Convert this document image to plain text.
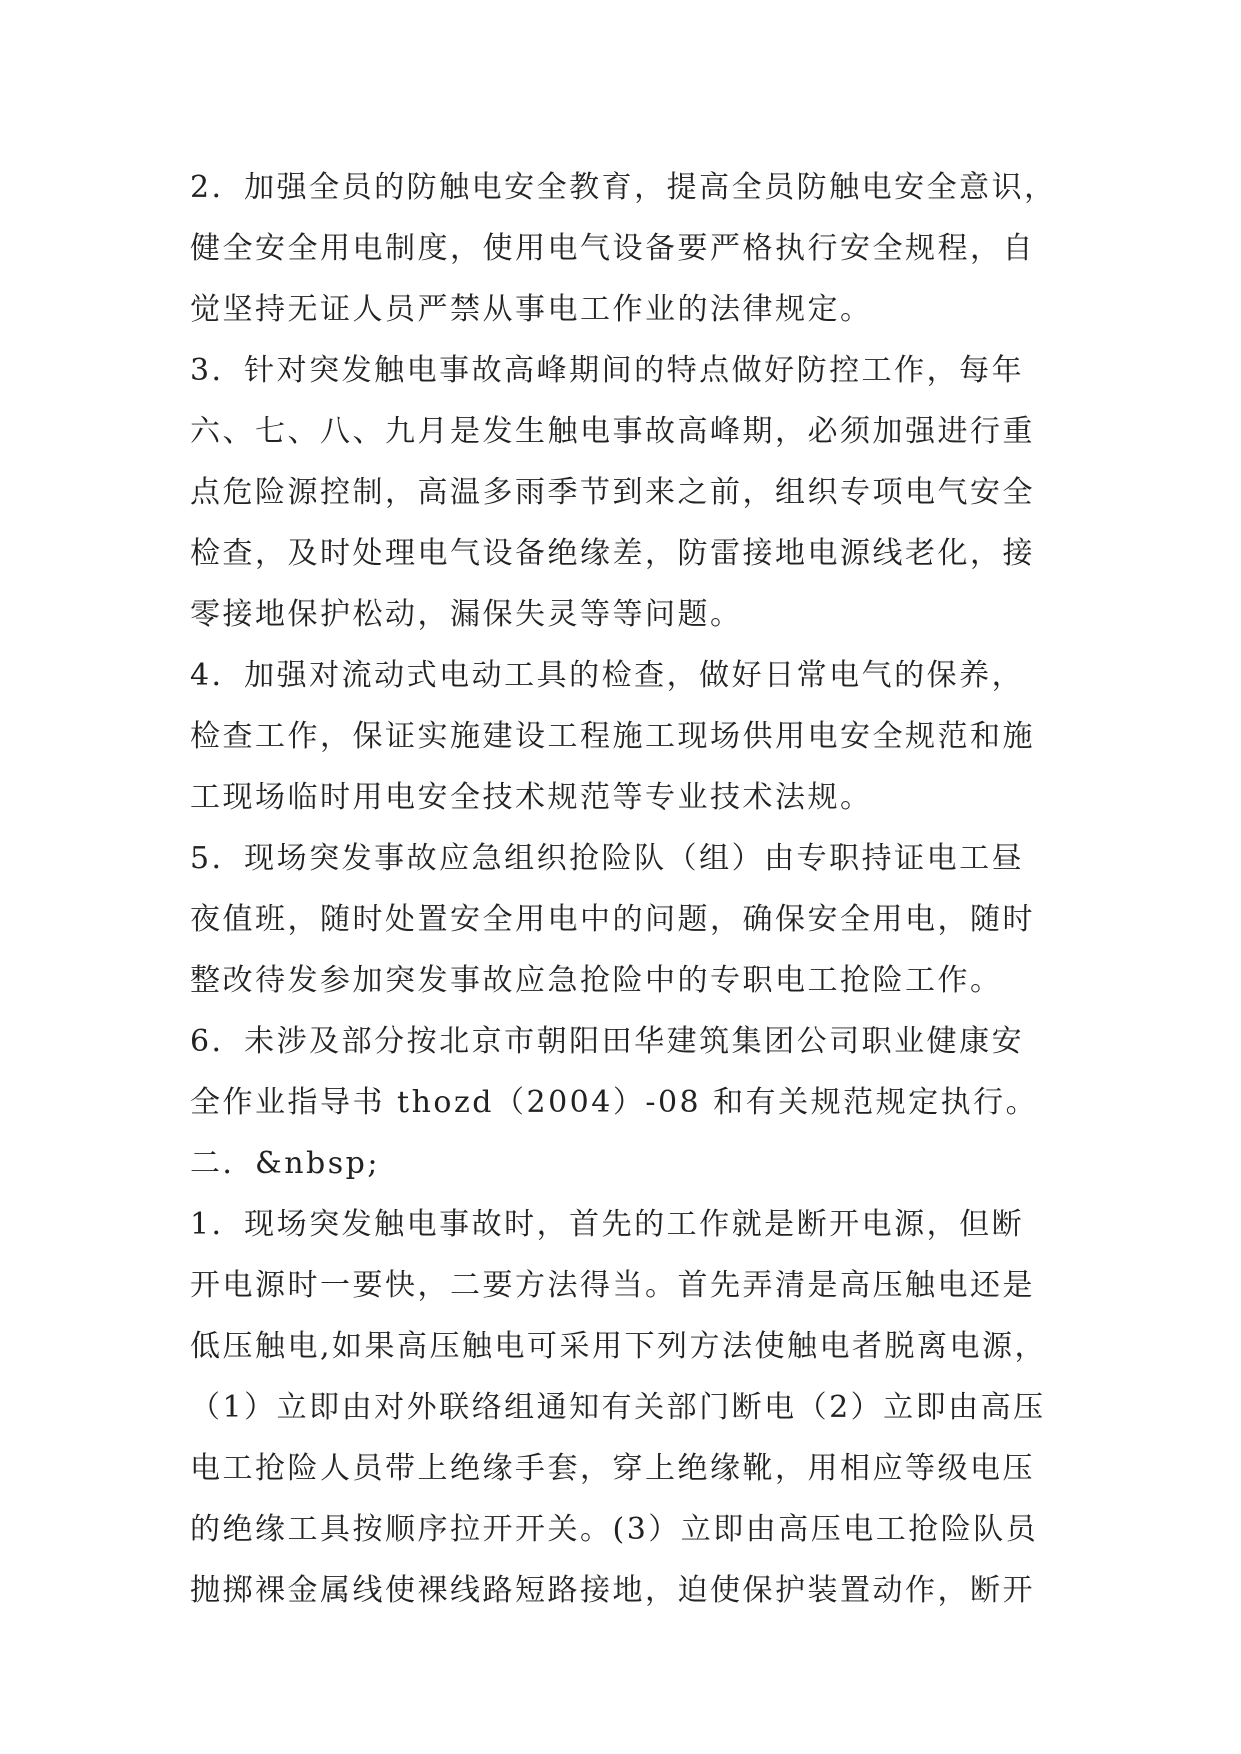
2．加强全员的防触电安全教育，提高全员防触电安全意识，
健全安全用电制度，使用电气设备要严格执行安全规程，自
觉坚持无证人员严禁从事电工作业的法律规定。
3．针对突发触电事故高峰期间的特点做好防控工作，每年
六、七、八、九月是发生触电事故高峰期，必须加强进行重
点危险源控制，高温多雨季节到来之前，组织专项电气安全
检查，及时处理电气设备绝缘差，防雷接地电源线老化，接
零接地保护松动，漏保失灵等等问题。
4．加强对流动式电动工具的检查，做好日常电气的保养，
检查工作，保证实施建设工程施工现场供用电安全规范和施
工现场临时用电安全技术规范等专业技术法规。
5．现场突发事故应急组织抢险队（组）由专职持证电工昼
夜值班，随时处置安全用电中的问题，确保安全用电，随时
整改待发参加突发事故应急抢险中的专职电工抢险工作。
6．未涉及部分按北京市朝阳田华建筑集团公司职业健康安
全作业指导书 thozd（2004）-08 和有关规范规定执行。
二．&nbsp;
1．现场突发触电事故时，首先的工作就是断开电源，但断
开电源时一要快，二要方法得当。首先弄清是高压触电还是
低压触电,如果高压触电可采用下列方法使触电者脱离电源，
（1）立即由对外联络组通知有关部门断电（2）立即由高压
电工抢险人员带上绝缘手套，穿上绝缘靴，用相应等级电压
的绝缘工具按顺序拉开开关。(3）立即由高压电工抢险队员
抛掷裸金属线使裸线路短路接地，迫使保护装置动作，断开
